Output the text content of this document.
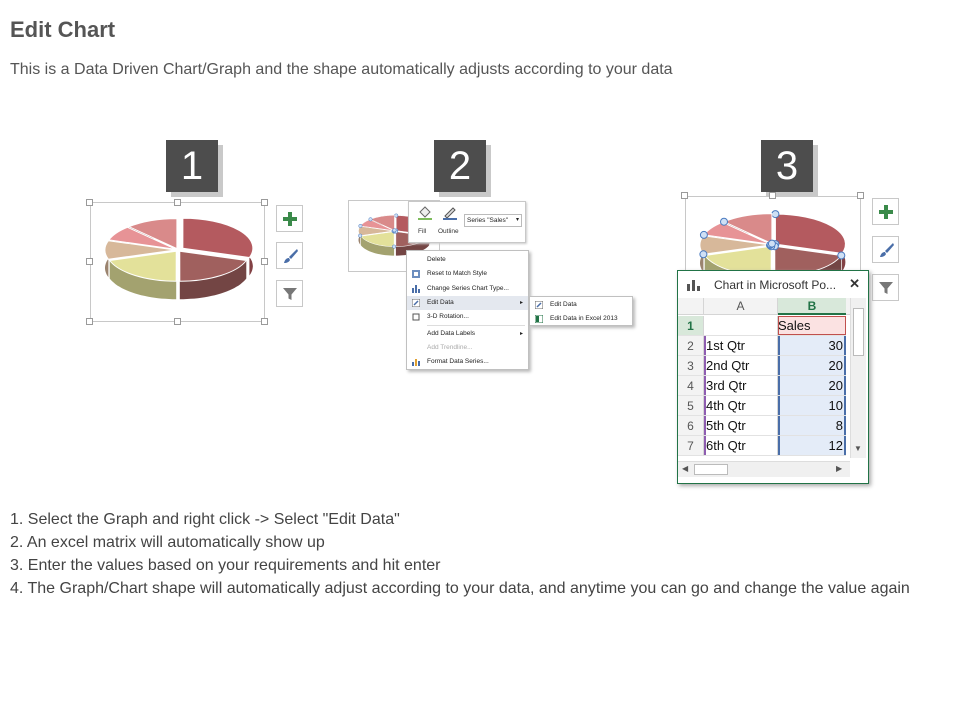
Edit Chart
This is a Data Driven Chart/Graph and the shape automatically adjusts according to your data
1	2	3
Fill Outline
Series "Sales" ▾
Delete
Reset to Match Style
Change Series Chart Type...
Edit Data	▸
3-D Rotation...
Add Data Labels	▸
Add Trendline...
Format Data Series...
Edit Data
Edit Data in Excel 2013
Chart in Microsoft Po... ✕
A	B
1	Sales
2 1st Qtr	30
3 2nd Qtr	20
4 3rd Qtr	20
5 4th Qtr	10
6 5th Qtr	8
7 6th Qtr	12	▼
◀	▶
1. Select the Graph and right click -> Select "Edit Data"
2. An excel matrix will automatically show up
3. Enter the values based on your requirements and hit enter
4. The Graph/Chart shape will automatically adjust according to your data, and anytime you can go and change the value again
